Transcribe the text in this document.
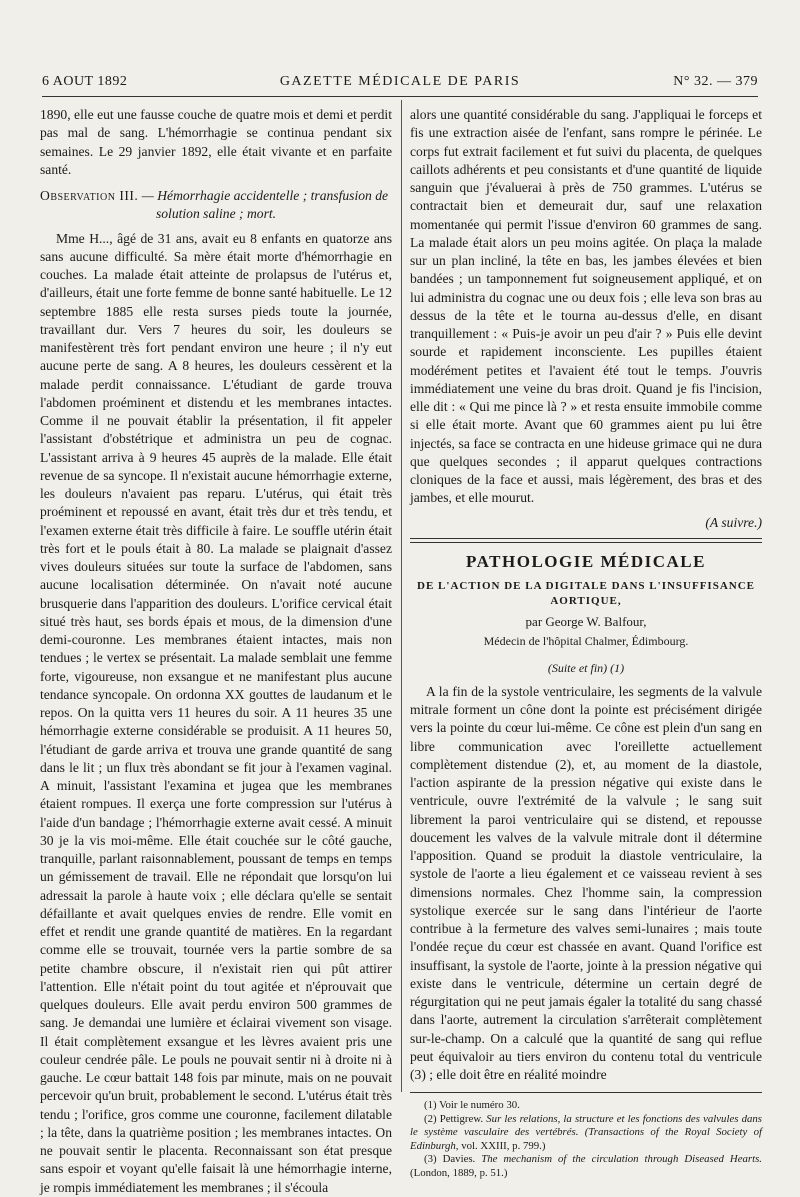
6 AOUT 1892	GAZETTE MÉDICALE DE PARIS	N° 32. — 379

1890, elle eut une fausse couche de quatre mois et demi et perdit pas mal de sang. L'hémorrhagie se continua pendant six semaines. Le 29 janvier 1892, elle était vivante et en parfaite santé.

Observation III. — Hémorrhagie accidentelle ; transfusion de
solution saline ; mort.

Mme H..., âgé de 31 ans, avait eu 8 enfants en quatorze ans sans aucune difficulté. Sa mère était morte d'hémorrhagie en couches. La malade était atteinte de prolapsus de l'utérus et, d'ailleurs, était une forte femme de bonne santé habituelle. Le 12 septembre 1885 elle resta surses pieds toute la journée, travaillant dur. Vers 7 heures du soir, les douleurs se manifestèrent très fort pendant environ une heure ; il n'y eut aucune perte de sang. A 8 heures, les douleurs cessèrent et la malade perdit connaissance. L'étudiant de garde trouva l'abdomen proéminent et distendu et les membranes intactes. Comme il ne pouvait établir la présentation, il fit appeler l'assistant d'obstétrique et administra un peu de cognac. L'assistant arriva à 9 heures 45 auprès de la malade. Elle était revenue de sa syncope. Il n'existait aucune hémorrhagie externe, les douleurs n'avaient pas reparu. L'utérus, qui était très proéminent et repoussé en avant, était très dur et très tendu, et l'examen externe était très difficile à faire. Le souffle utérin était très fort et le pouls était à 80. La malade se plaignait d'assez vives douleurs situées sur toute la surface de l'abdomen, sans aucune localisation déterminée. On n'avait noté aucune brusquerie dans l'apparition des douleurs. L'orifice cervical était situé très haut, ses bords épais et mous, de la dimension d'une demi-couronne. Les membranes étaient intactes, mais non tendues ; le vertex se présentait. La malade semblait une femme forte, vigoureuse, non exsangue et ne manifestant plus aucune tendance syncopale. On ordonna XX gouttes de laudanum et le repos. On la quitta vers 11 heures du soir. A 11 heures 35 une hémorrhagie externe considérable se produisit. A 11 heures 50, l'étudiant de garde arriva et trouva une grande quantité de sang dans le lit ; un flux très abondant se fit jour à l'examen vaginal. A minuit, l'assistant l'examina et jugea que les membranes étaient rompues. Il exerça une forte compression sur l'utérus à l'aide d'un bandage ; l'hémorrhagie externe avait cessé. A minuit 30 je la vis moi-même. Elle était couchée sur le côté gauche, tranquille, parlant raisonnablement, poussant de temps en temps un gémissement de travail. Elle ne répondait que lorsqu'on lui adressait la parole à haute voix ; elle déclara qu'elle se sentait défaillante et avait quelques envies de rendre. Elle vomit en effet et rendit une grande quantité de matières. En la regardant comme elle se trouvait, tournée vers la partie sombre de sa petite chambre obscure, il n'existait rien qui pût attirer l'attention. Elle n'était point du tout agitée et n'éprouvait que quelques douleurs. Elle avait perdu environ 500 grammes de sang. Je demandai une lumière et éclairai vivement son visage. Il était complètement exsangue et les lèvres avaient pris une couleur cendrée pâle. Le pouls ne pouvait sentir ni à droite ni à gauche. Le cœur battait 148 fois par minute, mais on ne pouvait percevoir qu'un bruit, probablement le second. L'utérus était très tendu ; l'orifice, gros comme une couronne, facilement dilatable ; la tête, dans la quatrième position ; les membranes intactes. On ne pouvait sentir le placenta. Reconnaissant son état presque sans espoir et voyant qu'elle faisait là une hémorrhagie interne, je rompis immédiatement les membranes ; il s'écoula

alors une quantité considérable du sang. J'appliquai le forceps et fis une extraction aisée de l'enfant, sans rompre le périnée. Le corps fut extrait facilement et fut suivi du placenta, de quelques caillots adhérents et peu consistants et d'une quantité de liquide sanguin que j'évaluerai à près de 750 grammes. L'utérus se contractait bien et demeurait dur, sauf une relaxation momentanée qui permit l'issue d'environ 60 grammes de sang. La malade était alors un peu moins agitée. On plaça la malade sur un plan incliné, la tête en bas, les jambes élevées et bien bandées ; un tamponnement fut soigneusement appliqué, et on lui administra du cognac une ou deux fois ; elle leva son bras au dessus de la tête et le tourna au-dessus d'elle, en disant tranquillement : « Puis-je avoir un peu d'air ? » Puis elle devint sourde et rapidement inconsciente. Les pupilles étaient modérément petites et l'avaient été tout le temps. J'ouvris immédiatement une veine du bras droit. Quand je fis l'incision, elle dit : « Qui me pince là ? » et resta ensuite immobile comme si elle était morte. Avant que 60 grammes aient pu lui être injectés, sa face se contracta en une hideuse grimace qui ne dura que quelques secondes ; il apparut quelques contractions cloniques de la face et aussi, mais légèrement, des bras et des jambes, et elle mourut.

(A suivre.)
PATHOLOGIE MÉDICALE
DE L'ACTION DE LA DIGITALE DANS L'INSUFFISANCE AORTIQUE,
par George W. Balfour,
Médecin de l'hôpital Chalmer, Édimbourg.
(Suite et fin) (1)

A la fin de la systole ventriculaire, les segments de la valvule mitrale forment un cône dont la pointe est précisément dirigée vers la pointe du cœur lui-même. Ce cône est plein d'un sang en libre communication avec l'oreillette actuellement complètement distendue (2), et, au moment de la diastole, l'action aspirante de la pression négative qui existe dans le ventricule, ouvre l'extrémité de la valvule ; le sang suit librement la paroi ventriculaire qui se distend, et repousse doucement les valves de la valvule mitrale dont il détermine l'apposition. Quand se produit la diastole ventriculaire, la systole de l'aorte a lieu également et ce vaisseau revient à ses dimensions normales. Chez l'homme sain, la compression systolique exercée sur le sang dans l'intérieur de l'aorte contribue à la fermeture des valves semi-lunaires ; mais toute l'ondée reçue du cœur est chassée en avant. Quand l'orifice est insuffisant, la systole de l'aorte, jointe à la pression négative qui existe dans le ventricule, détermine un certain degré de régurgitation qui ne peut jamais égaler la totalité du sang chassé dans l'aorte, autrement la circulation s'arrêterait complètement sur-le-champ. On a calculé que la quantité de sang qui reflue peut équivaloir au tiers environ du contenu total du ventricule (3) ; elle doit être en réalité moindre

(1) Voir le numéro 30.
(2) Pettigrew. Sur les relations, la structure et les fonctions des valvules dans le système vasculaire des vertébrés. (Transactions of the Royal Society of Edinburgh, vol. XXIII, p. 799.)
(3) Davies. The mechanism of the circulation through Diseased Hearts. (London, 1889, p. 51.)
